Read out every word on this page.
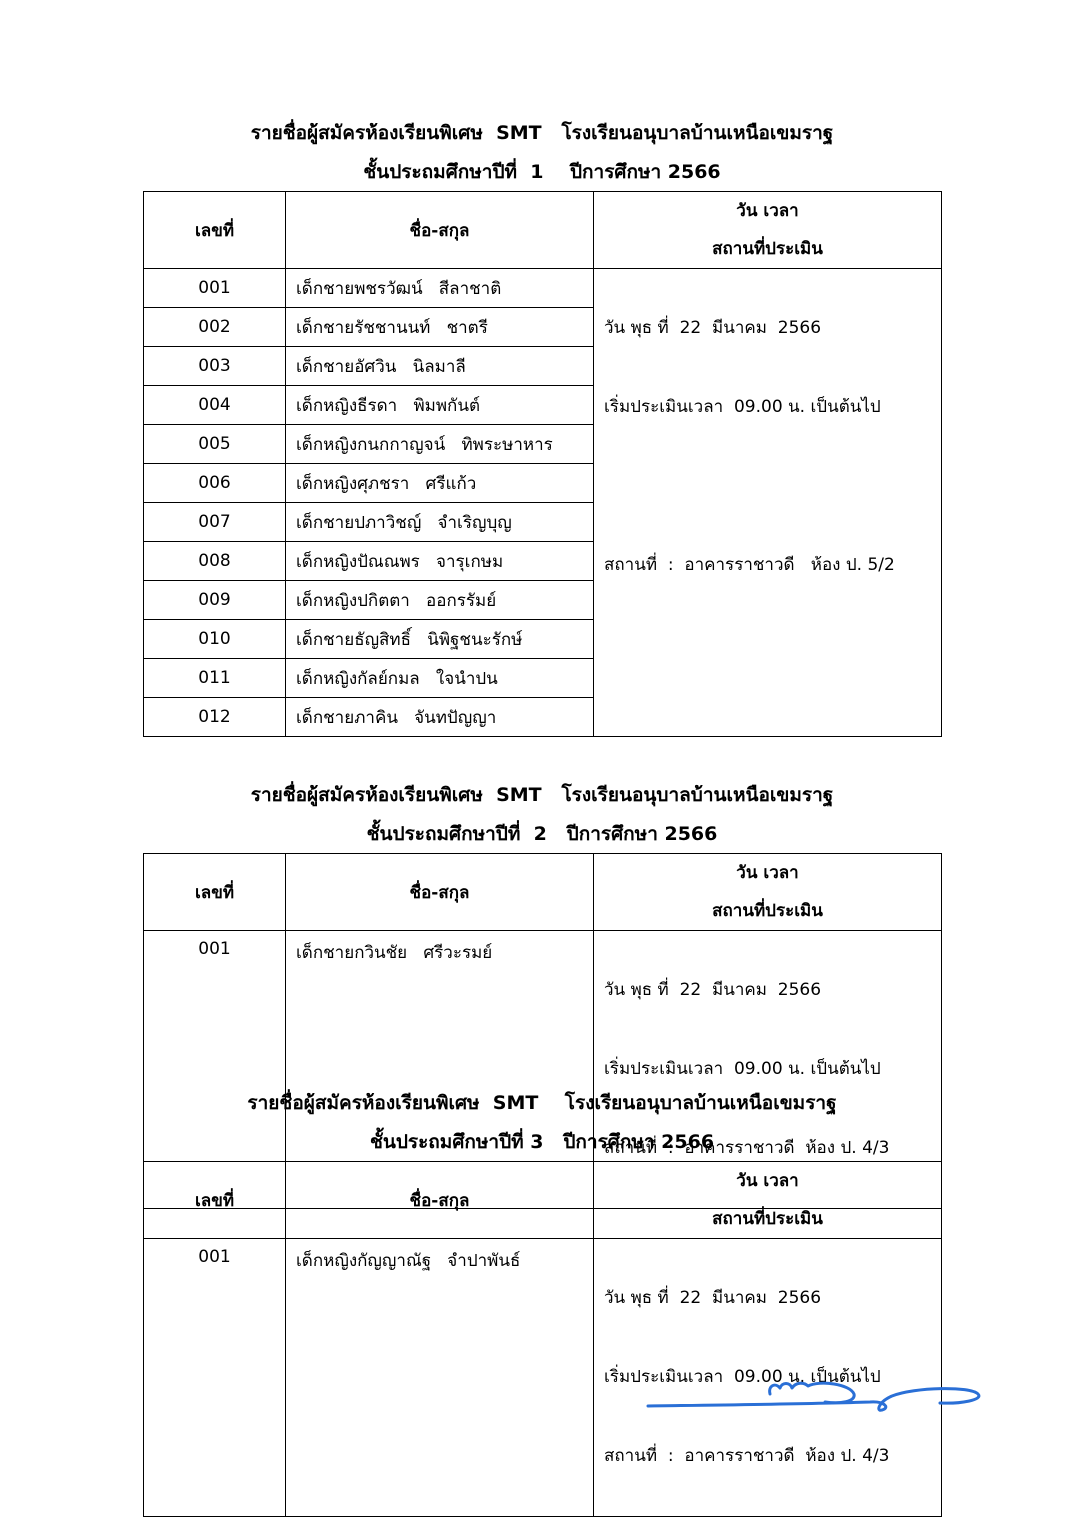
รายชื่อผู้สมัครห้องเรียนพิเศษ  SMT   โรงเรียนอนุบาลบ้านเหนือเขมราฐ
ชั้นประถมศึกษาปีที่  1    ปีการศึกษา 2566
เลขที่	ชื่อ-สกุล	วัน เวลา
สถานที่ประเมิน

001	เด็กชายพชรวัฒน์   สีลาชาติ	วัน พุธ ที่  22  มีนาคม  2566

เริ่มประเมินเวลา  09.00 น. เป็นต้นไป

สถานที่  :  อาคารราชาวดี   ห้อง ป. 5/2

002	เด็กชายรัชชานนท์   ชาตรี	
003	เด็กชายอัศวิน   นิลมาลี	
004	เด็กหญิงธีรดา   พิมพกันต์	
005	เด็กหญิงกนกกาญจน์   ทิพระษาหาร	
006	เด็กหญิงศุภชรา   ศรีแก้ว	
007	เด็กชายปภาวิชญ์   จำเริญบุญ	
008	เด็กหญิงปัณณพร   จารุเกษม	
009	เด็กหญิงปกิตตา   ออกรรัมย์	
010	เด็กชายธัญสิทธิ์   นิพิฐชนะรักษ์	
011	เด็กหญิงกัลย์กมล   ใจนำปน	
012	เด็กชายภาคิน   จันทปัญญา	
รายชื่อผู้สมัครห้องเรียนพิเศษ  SMT   โรงเรียนอนุบาลบ้านเหนือเขมราฐ
ชั้นประถมศึกษาปีที่  2   ปีการศึกษา 2566
เลขที่	ชื่อ-สกุล	วัน เวลา
สถานที่ประเมิน

001	เด็กชายกวินชัย   ศรีวะรมย์	วัน พุธ ที่  22  มีนาคม  2566

เริ่มประเมินเวลา  09.00 น. เป็นต้นไป

สถานที่  :  อาคารราชาวดี  ห้อง ป. 4/3

รายชื่อผู้สมัครห้องเรียนพิเศษ  SMT    โรงเรียนอนุบาลบ้านเหนือเขมราฐ
ชั้นประถมศึกษาปีที่ 3   ปีการศึกษา 2566
เลขที่	ชื่อ-สกุล	วัน เวลา
สถานที่ประเมิน

001	เด็กหญิงกัญญาณัฐ   จำปาพันธ์	วัน พุธ ที่  22  มีนาคม  2566

เริ่มประเมินเวลา  09.00 น. เป็นต้นไป

สถานที่  :  อาคารราชาวดี  ห้อง ป. 4/3
